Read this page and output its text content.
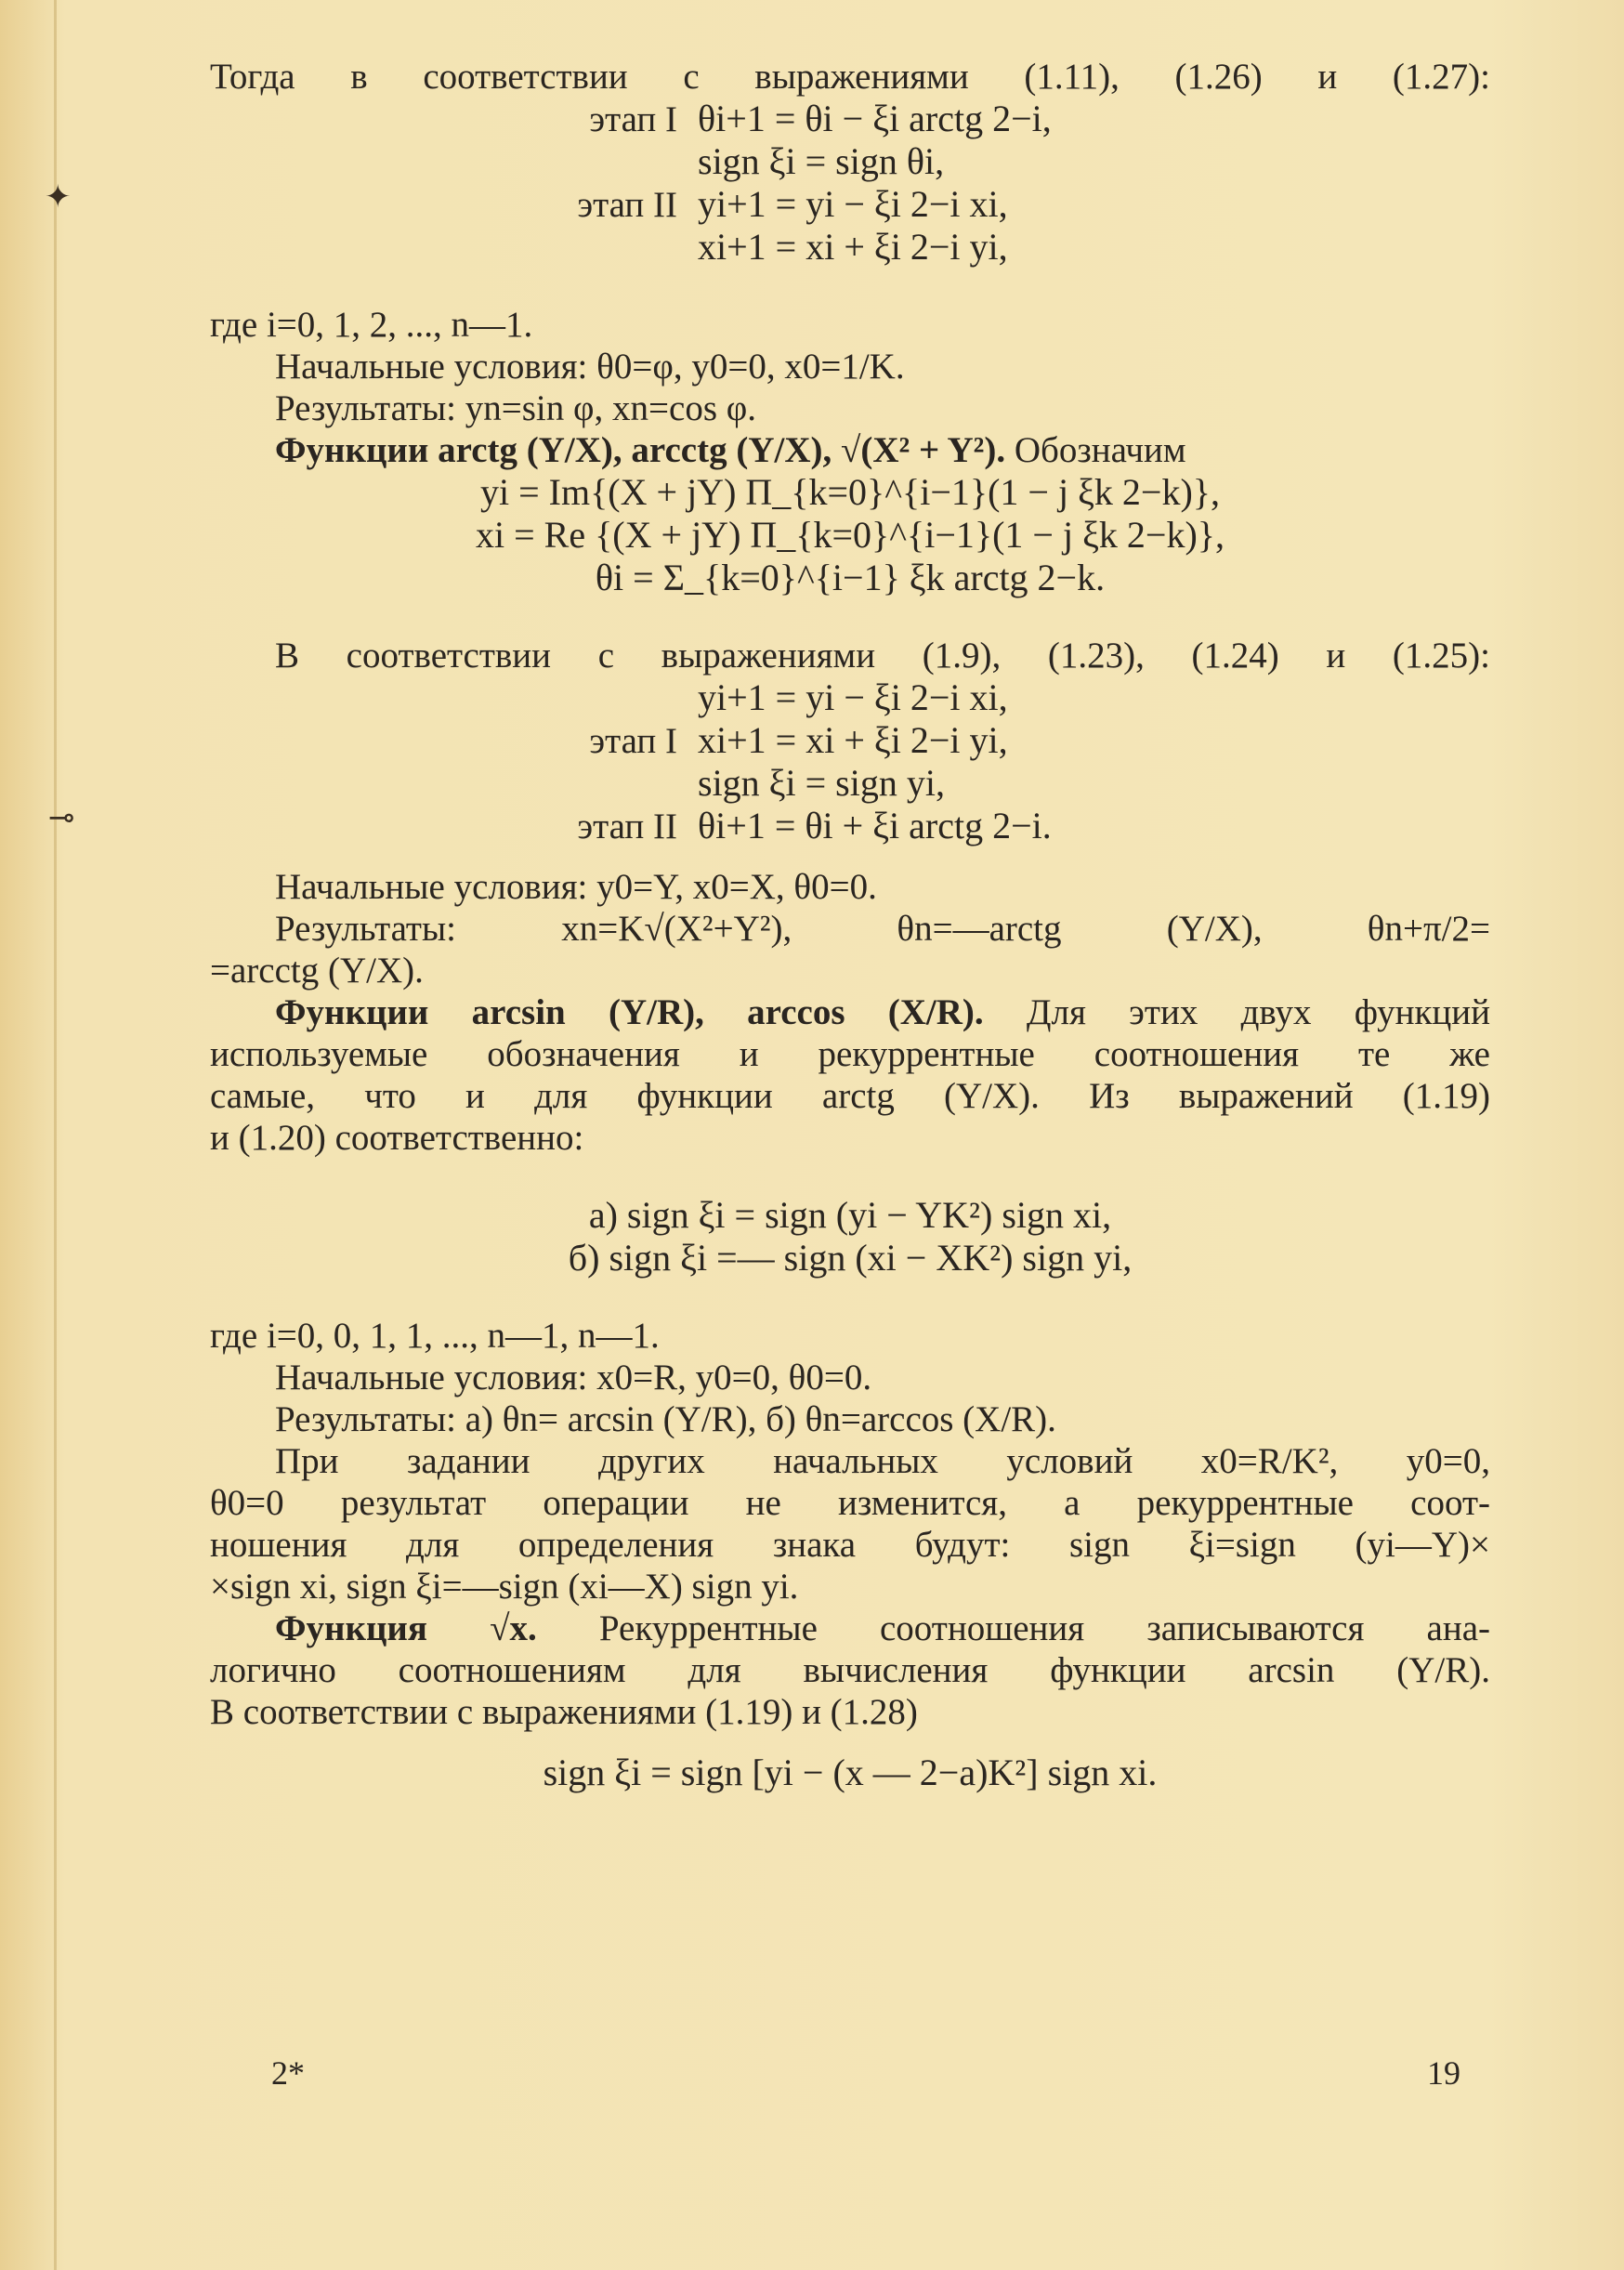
✦
⊸

Тогда в соответствии с выражениями (1.11), (1.26) и (1.27):

этап I θi+1 = θi − ξi arctg 2−i,
sign ξi = sign θi,
этап II yi+1 = yi − ξi 2−i xi,
xi+1 = xi + ξi 2−i yi,

где i=0, 1, 2, ..., n—1.

Начальные условия: θ0=φ, y0=0, x0=1/K.

Результаты: yn=sin φ, xn=cos φ.

Функции arctg (Y/X), arcctg (Y/X), √(X² + Y²). Обозначим

yi = Im{(X + jY) Π_{k=0}^{i−1}(1 − j ξk 2−k)},
xi = Re {(X + jY) Π_{k=0}^{i−1}(1 − j ξk 2−k)},
θi = Σ_{k=0}^{i−1} ξk arctg 2−k.

В соответствии с выражениями (1.9), (1.23), (1.24) и (1.25):

yi+1 = yi − ξi 2−i xi,
этап I xi+1 = xi + ξi 2−i yi,
sign ξi = sign yi,
этап II θi+1 = θi + ξi arctg 2−i.

Начальные условия: y0=Y, x0=X, θ0=0.

Результаты: xn=K√(X²+Y²), θn=—arctg (Y/X), θn+π/2=

=arcctg (Y/X).

Функции arcsin (Y/R), arccos (X/R). Для этих двух функций

используемые обозначения и рекуррентные соотношения те же

самые, что и для функции arctg (Y/X). Из выражений (1.19)

и (1.20) соответственно:

а) sign ξi = sign (yi − YK²) sign xi,
б) sign ξi =— sign (xi − XK²) sign yi,

где i=0, 0, 1, 1, ..., n—1, n—1.

Начальные условия: x0=R, y0=0, θ0=0.

Результаты: а) θn= arcsin (Y/R), б) θn=arccos (X/R).

При задании других начальных условий x0=R/K², y0=0,

θ0=0 результат операции не изменится, а рекуррентные соот-

ношения для определения знака будут: sign ξi=sign (yi—Y)×

×sign xi, sign ξi=—sign (xi—X) sign yi.

Функция √x. Рекуррентные соотношения записываются ана-

логично соотношениям для вычисления функции arcsin (Y/R).

В соответствии с выражениями (1.19) и (1.28)

sign ξi = sign [yi − (x — 2−a)K²] sign xi.
2*	19
